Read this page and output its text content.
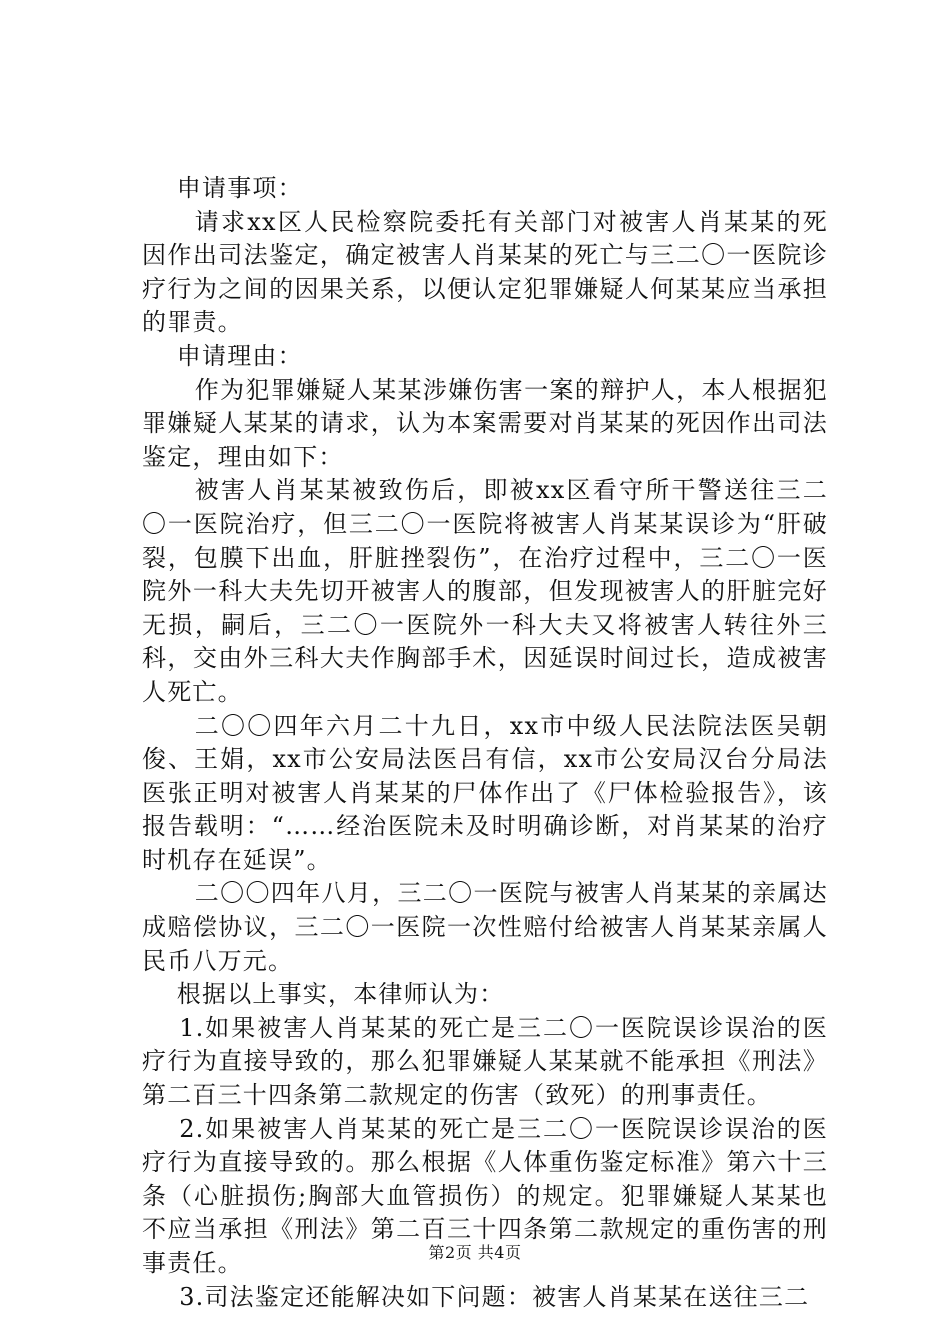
申请事项：

请求xx区人民检察院委托有关部门对被害人肖某某的死因作出司法鉴定，确定被害人肖某某的死亡与三二〇一医院诊疗行为之间的因果关系，以便认定犯罪嫌疑人何某某应当承担的罪责。

申请理由：

作为犯罪嫌疑人某某涉嫌伤害一案的辩护人，本人根据犯罪嫌疑人某某的请求，认为本案需要对肖某某的死因作出司法鉴定，理由如下：

被害人肖某某被致伤后，即被xx区看守所干警送往三二〇一医院治疗，但三二〇一医院将被害人肖某某误诊为“肝破裂，包膜下出血，肝脏挫裂伤”，在治疗过程中，三二〇一医院外一科大夫先切开被害人的腹部，但发现被害人的肝脏完好无损，嗣后，三二〇一医院外一科大夫又将被害人转往外三科，交由外三科大夫作胸部手术，因延误时间过长，造成被害人死亡。

二〇〇四年六月二十九日，xx市中级人民法院法医吴朝俊、王娟，xx市公安局法医吕有信，xx市公安局汉台分局法医张正明对被害人肖某某的尸体作出了《尸体检验报告》，该报告载明：“……经治医院未及时明确诊断，对肖某某的治疗时机存在延误”。

二〇〇四年八月，三二〇一医院与被害人肖某某的亲属达成赔偿协议，三二〇一医院一次性赔付给被害人肖某某亲属人民币八万元。

根据以上事实，本律师认为：

1.如果被害人肖某某的死亡是三二〇一医院误诊误治的医疗行为直接导致的，那么犯罪嫌疑人某某就不能承担《刑法》第二百三十四条第二款规定的伤害（致死）的刑事责任。

2.如果被害人肖某某的死亡是三二〇一医院误诊误治的医疗行为直接导致的。那么根据《人体重伤鉴定标准》第六十三条（心脏损伤;胸部大血管损伤）的规定。犯罪嫌疑人某某也不应当承担《刑法》第二百三十四条第二款规定的重伤害的刑事责任。

3.司法鉴定还能解决如下问题：被害人肖某某在送往三二

第2页 共4页
